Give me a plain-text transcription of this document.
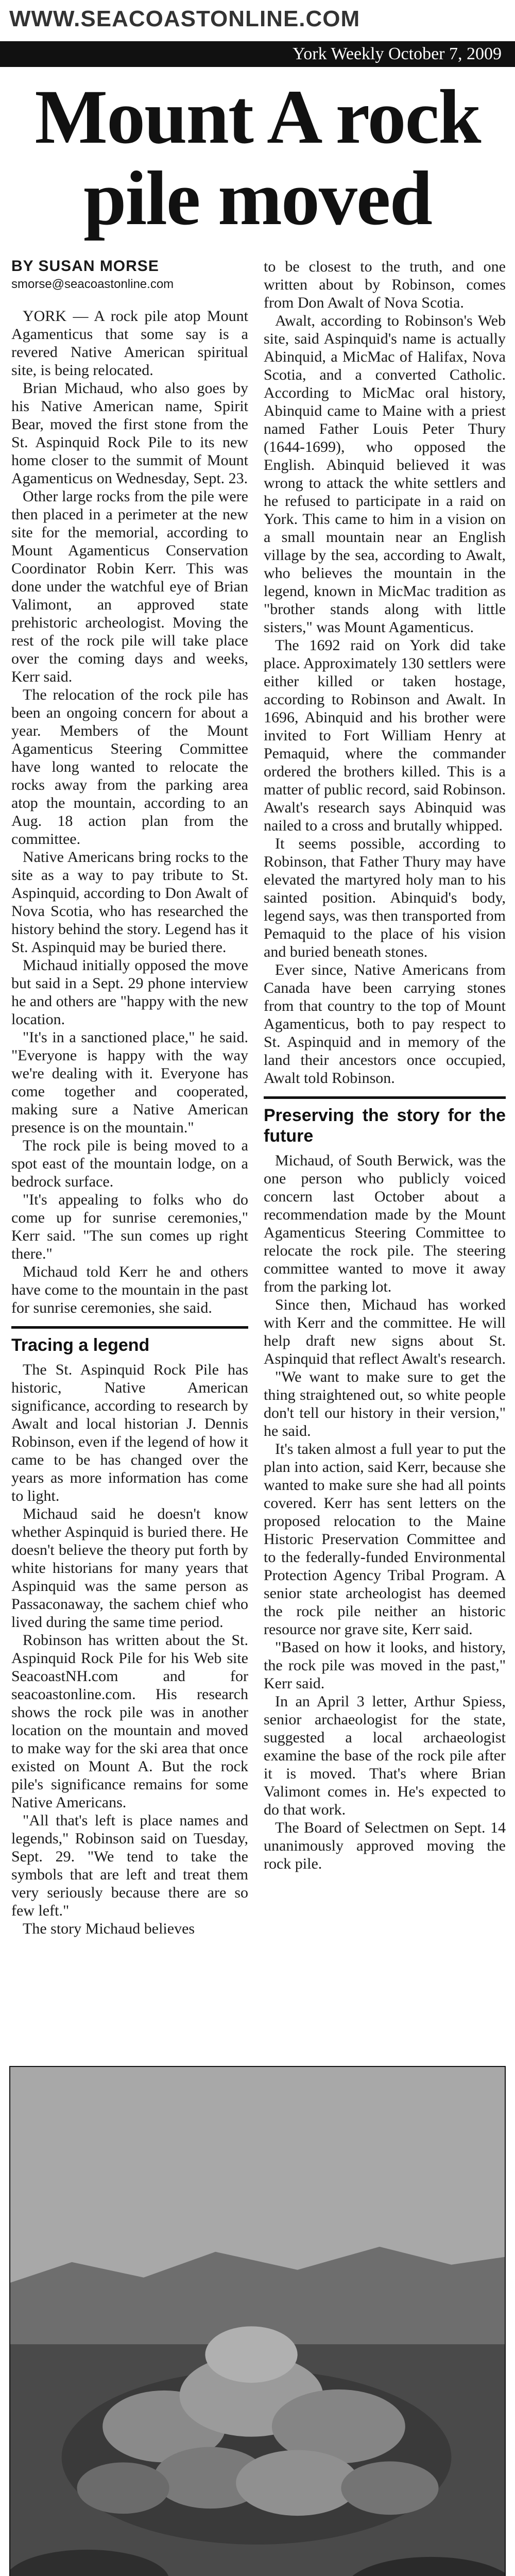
WWW.SEACOASTONLINE.COM
York Weekly October 7, 2009
Mount A rock
pile moved
BY SUSAN MORSE
smorse@seacoastonline.com

YORK — A rock pile atop Mount Agamenticus that some say is a revered Native American spiritual site, is being relocated.

Brian Michaud, who also goes by his Native American name, Spirit Bear, moved the first stone from the St. Aspinquid Rock Pile to its new home closer to the summit of Mount Agamenticus on Wednesday, Sept. 23.

Other large rocks from the pile were then placed in a perimeter at the new site for the memorial, according to Mount Agamenticus Conservation Coordinator Robin Kerr. This was done under the watchful eye of Brian Valimont, an approved state prehistoric archeologist. Moving the rest of the rock pile will take place over the coming days and weeks, Kerr said.

The relocation of the rock pile has been an ongoing concern for about a year. Members of the Mount Agamenticus Steering Committee have long wanted to relocate the rocks away from the parking area atop the mountain, according to an Aug. 18 action plan from the committee.

Native Americans bring rocks to the site as a way to pay tribute to St. Aspinquid, according to Don Awalt of Nova Scotia, who has researched the history behind the story. Legend has it St. Aspinquid may be buried there.

Michaud initially opposed the move but said in a Sept. 29 phone interview he and others are "happy with the new location.

"It's in a sanctioned place," he said. "Everyone is happy with the way we're dealing with it. Everyone has come together and cooperated, making sure a Native American presence is on the mountain."

The rock pile is being moved to a spot east of the mountain lodge, on a bedrock surface.

"It's appealing to folks who do come up for sunrise ceremonies," Kerr said. "The sun comes up right there."

Michaud told Kerr he and others have come to the mountain in the past for sunrise ceremonies, she said.

Tracing a legend

The St. Aspinquid Rock Pile has historic, Native American significance, according to research by Awalt and local historian J. Dennis Robinson, even if the legend of how it came to be has changed over the years as more information has come to light.

Michaud said he doesn't know whether Aspinquid is buried there. He doesn't believe the theory put forth by white historians for many years that Aspinquid was the same person as Passaconaway, the sachem chief who lived during the same time period.

Robinson has written about the St. Aspinquid Rock Pile for his Web site SeacoastNH.com and for seacoastonline.com. His research shows the rock pile was in another location on the mountain and moved to make way for the ski area that once existed on Mount A. But the rock pile's significance remains for some Native Americans.

"All that's left is place names and legends," Robinson said on Tuesday, Sept. 29. "We tend to take the symbols that are left and treat them very seriously because there are so few left."

The story Michaud believes

to be closest to the truth, and one written about by Robinson, comes from Don Awalt of Nova Scotia.

Awalt, according to Robinson's Web site, said Aspinquid's name is actually Abinquid, a MicMac of Halifax, Nova Scotia, and a converted Catholic. According to MicMac oral history, Abinquid came to Maine with a priest named Father Louis Peter Thury (1644-1699), who opposed the English. Abinquid believed it was wrong to attack the white settlers and he refused to participate in a raid on York. This came to him in a vision on a small mountain near an English village by the sea, according to Awalt, who believes the mountain in the legend, known in MicMac tradition as "brother stands along with little sisters," was Mount Agamenticus.

The 1692 raid on York did take place. Approximately 130 settlers were either killed or taken hostage, according to Robinson and Awalt. In 1696, Abinquid and his brother were invited to Fort William Henry at Pemaquid, where the commander ordered the brothers killed. This is a matter of public record, said Robinson. Awalt's research says Abinquid was nailed to a cross and brutally whipped.

It seems possible, according to Robinson, that Father Thury may have elevated the martyred holy man to his sainted position. Abinquid's body, legend says, was then transported from Pemaquid to the place of his vision and buried beneath stones.

Ever since, Native Americans from Canada have been carrying stones from that country to the top of Mount Agamenticus, both to pay respect to St. Aspinquid and in memory of the land their ancestors once occupied, Awalt told Robinson.

Preserving the story for the future

Michaud, of South Berwick, was the one person who publicly voiced concern last October about a recommendation made by the Mount Agamenticus Steering Committee to relocate the rock pile. The steering committee wanted to move it away from the parking lot.

Since then, Michaud has worked with Kerr and the committee. He will help draft new signs about St. Aspinquid that reflect Awalt's research.

"We want to make sure to get the thing straightened out, so white people don't tell our history in their version," he said.

It's taken almost a full year to put the plan into action, said Kerr, because she wanted to make sure she had all points covered. Kerr has sent letters on the proposed relocation to the Maine Historic Preservation Committee and to the federally-funded Environmental Protection Agency Tribal Program. A senior state archeologist has deemed the rock pile neither an historic resource nor grave site, Kerr said.

"Based on how it looks, and history, the rock pile was moved in the past," Kerr said.

In an April 3 letter, Arthur Spiess, senior archaeologist for the state, suggested a local archaeologist examine the base of the rock pile after it is moved. That's where Brian Valimont comes in. He's expected to do that work.

The Board of Selectmen on Sept. 14 unanimously approved moving the rock pile.
